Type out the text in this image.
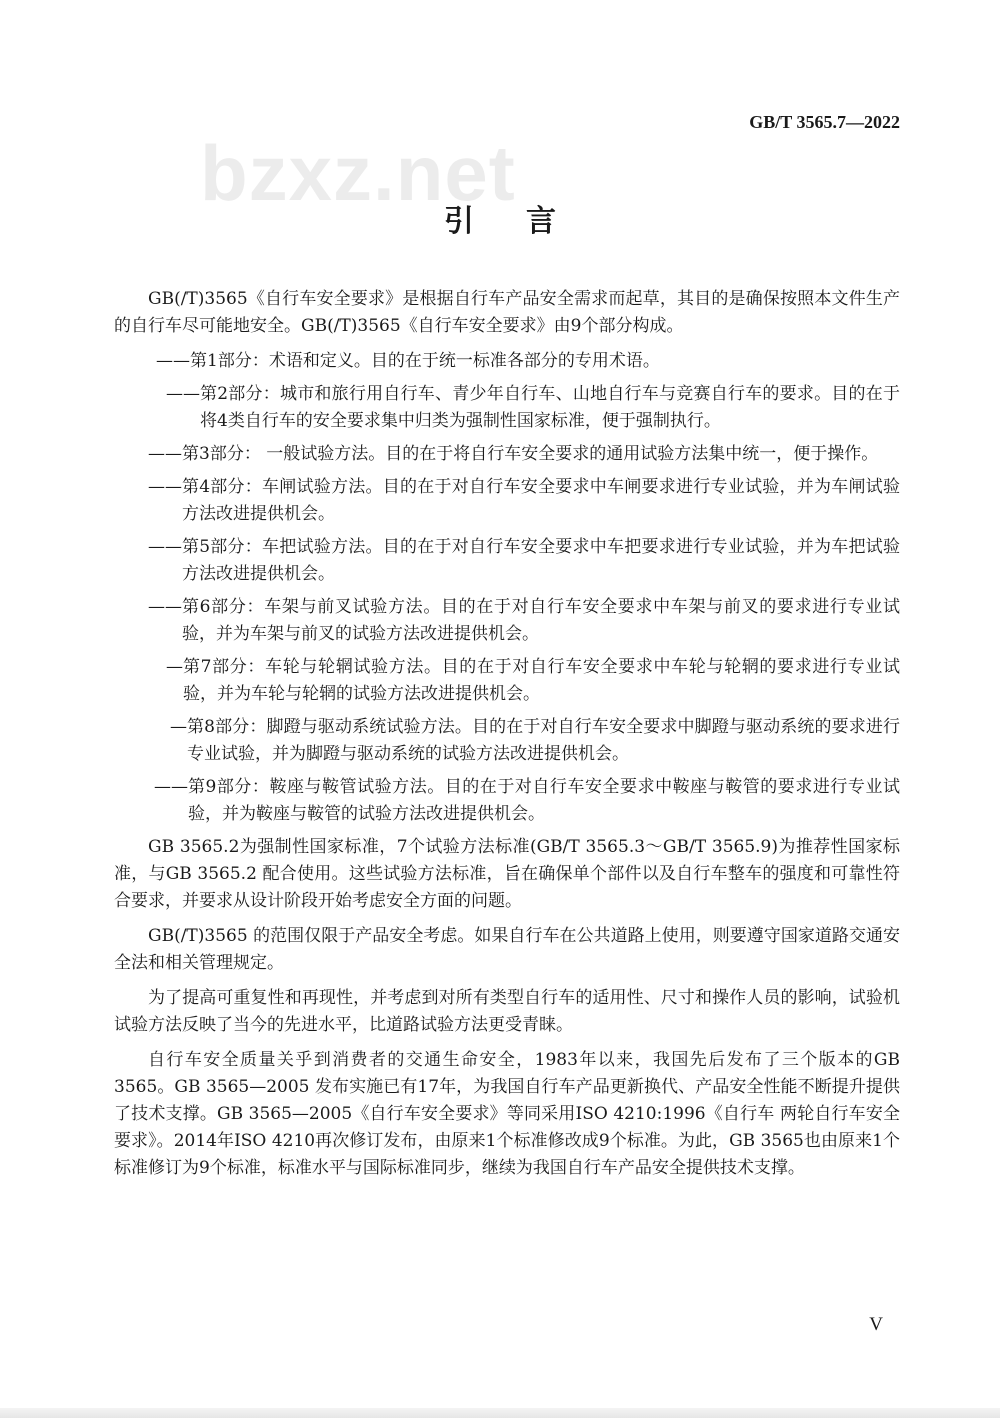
GB/T 3565.7—2022
bzxz.net
引言

GB(/T)3565《自行车安全要求》是根据自行车产品安全需求而起草，其目的是确保按照本文件生产的自行车尽可能地安全。GB(/T)3565《自行车安全要求》由9个部分构成。

—— 第1部分：术语和定义。目的在于统一标准各部分的专用术语。
—— 第2部分：城市和旅行用自行车、青少年自行车、山地自行车与竞赛自行车的要求。目的在于将4类自行车的安全要求集中归类为强制性国家标准，便于强制执行。
—— 第3部分： 一般试验方法。目的在于将自行车安全要求的通用试验方法集中统一，便于操作。
—— 第4部分：车闸试验方法。目的在于对自行车安全要求中车闸要求进行专业试验，并为车闸试验方法改进提供机会。
—— 第5部分：车把试验方法。目的在于对自行车安全要求中车把要求进行专业试验，并为车把试验方法改进提供机会。
—— 第6部分：车架与前叉试验方法。目的在于对自行车安全要求中车架与前叉的要求进行专业试验，并为车架与前叉的试验方法改进提供机会。
— 第7部分：车轮与轮辋试验方法。目的在于对自行车安全要求中车轮与轮辋的要求进行专业试验，并为车轮与轮辋的试验方法改进提供机会。
— 第8部分：脚蹬与驱动系统试验方法。目的在于对自行车安全要求中脚蹬与驱动系统的要求进行专业试验，并为脚蹬与驱动系统的试验方法改进提供机会。
—— 第9部分：鞍座与鞍管试验方法。目的在于对自行车安全要求中鞍座与鞍管的要求进行专业试验，并为鞍座与鞍管的试验方法改进提供机会。

GB 3565.2为强制性国家标准，7个试验方法标准(GB/T 3565.3～GB/T 3565.9)为推荐性国家标准，与GB 3565.2 配合使用。这些试验方法标准，旨在确保单个部件以及自行车整车的强度和可靠性符合要求，并要求从设计阶段开始考虑安全方面的问题。

GB(/T)3565 的范围仅限于产品安全考虑。如果自行车在公共道路上使用，则要遵守国家道路交通安全法和相关管理规定。

为了提高可重复性和再现性，并考虑到对所有类型自行车的适用性、尺寸和操作人员的影响，试验机试验方法反映了当今的先进水平，比道路试验方法更受青睐。

自行车安全质量关乎到消费者的交通生命安全，1983年以来，我国先后发布了三个版本的GB 3565。GB 3565—2005 发布实施已有17年，为我国自行车产品更新换代、产品安全性能不断提升提供了技术支撑。GB 3565—2005《自行车安全要求》等同采用ISO 4210:1996《自行车 两轮自行车安全要求》。2014年ISO 4210再次修订发布，由原来1个标准修改成9个标准。为此，GB 3565也由原来1个标准修订为9个标准，标准水平与国际标准同步，继续为我国自行车产品安全提供技术支撑。

V
